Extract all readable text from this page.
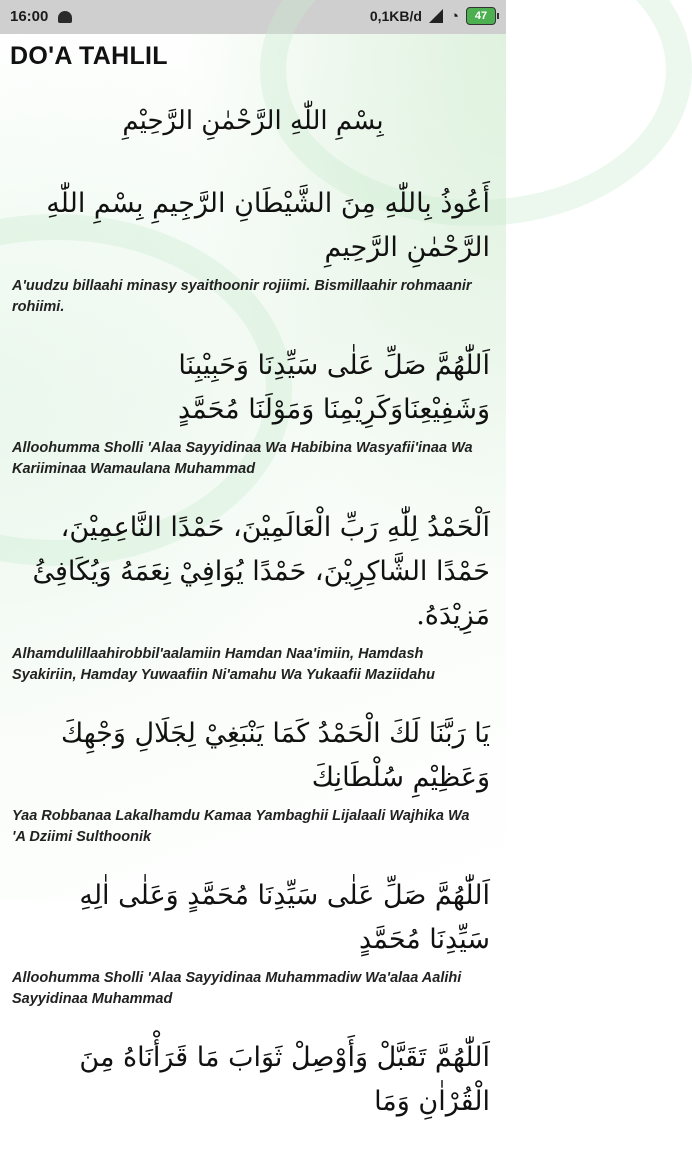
16:00	0,1KB/d ◔	47
DO'A TAHLIL
بِسْمِ اللّٰهِ الرَّحْمٰنِ الرَّحِيْمِ
أَعُوذُ بِاللّٰهِ مِنَ الشَّيْطَانِ الرَّجِيمِ بِسْمِ اللّٰهِ الرَّحْمٰنِ الرَّحِيمِ
A'uudzu billaahi minasy syaithoonir rojiimi. Bismillaahir rohmaanir rohiimi.
اَللّٰهُمَّ صَلِّ عَلٰى سَيِّدِنَا وَحَبِيْبِنَا وَشَفِيْعِنَاوَكَرِيْمِنَا وَمَوْلَنَا مُحَمَّدٍ
Alloohumma Sholli 'Alaa Sayyidinaa Wa Habibina Wasyafii'inaa Wa Kariiminaa Wamaulana Muhammad
اَلْحَمْدُ لِلّٰهِ رَبِّ الْعَالَمِيْنَ، حَمْدًا النَّاعِمِيْنَ، حَمْدًا الشَّاكِرِيْنَ، حَمْدًا يُوَافِيْ نِعَمَهُ وَيُكَافِئُ مَزِيْدَهُ.
Alhamdulillaahirobbil'aalamiin Hamdan Naa'imiin, Hamdash Syakiriin, Hamday Yuwaafiin Ni'amahu Wa Yukaafii Maziidahu
يَا رَبَّنَا لَكَ الْحَمْدُ كَمَا يَنْبَغِيْ لِجَلَالِ وَجْهِكَ وَعَظِيْمِ سُلْطَانِكَ
Yaa Robbanaa Lakalhamdu Kamaa Yambaghii Lijalaali Wajhika Wa 'A Dziimi Sulthoonik
اَللّٰهُمَّ صَلِّ عَلٰى سَيِّدِنَا مُحَمَّدٍ وَعَلٰى اٰلِهِ سَيِّدِنَا مُحَمَّدٍ
Alloohumma Sholli 'Alaa Sayyidinaa Muhammadiw Wa'alaa Aalihi Sayyidinaa Muhammad
اَللّٰهُمَّ تَقَبَّلْ وَأَوْصِلْ ثَوَابَ مَا قَرَأْنَاهُ مِنَ الْقُرْاٰنِ وَمَا
